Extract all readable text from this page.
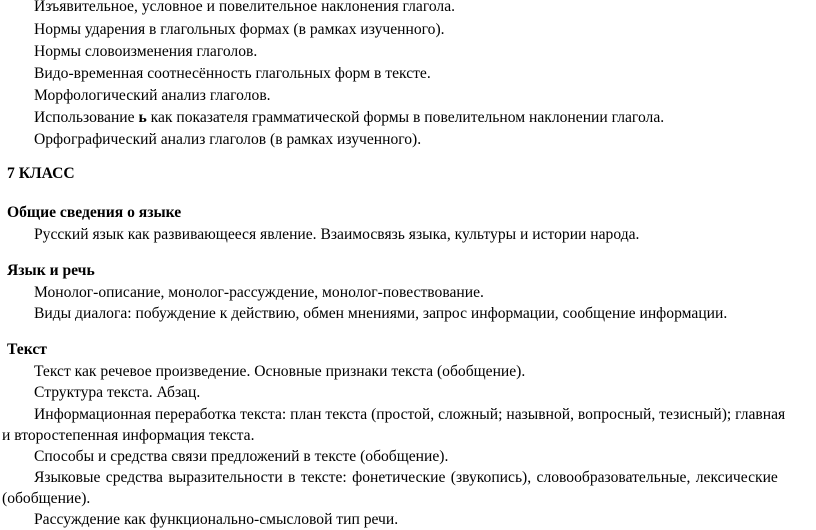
Изъявительное, условное и повелительное наклонения глагола.
Нормы ударения в глагольных формах (в рамках изученного).
Нормы словоизменения глаголов.
Видо-временная соотнесённость глагольных форм в тексте.
Морфологический анализ глаголов.
Использование ь как показателя грамматической формы в повелительном наклонении глагола.
Орфографический анализ глаголов (в рамках изученного).
7 КЛАСС
Общие сведения о языке
Русский язык как развивающееся явление. Взаимосвязь языка, культуры и истории народа.
Язык и речь
Монолог-описание, монолог-рассуждение, монолог-повествование.
Виды диалога: побуждение к действию, обмен мнениями, запрос информации, сообщение информации.
Текст
Текст как речевое произведение. Основные признаки текста (обобщение).
Структура текста. Абзац.
Информационная переработка текста: план текста (простой, сложный; назывной, вопросный, тезисный); главная
и второстепенная информация текста.
Способы и средства связи предложений в тексте (обобщение).
Языковые средства выразительности в тексте: фонетические (звукопись), словообразовательные, лексические
(обобщение).
Рассуждение как функционально-смысловой тип речи.
